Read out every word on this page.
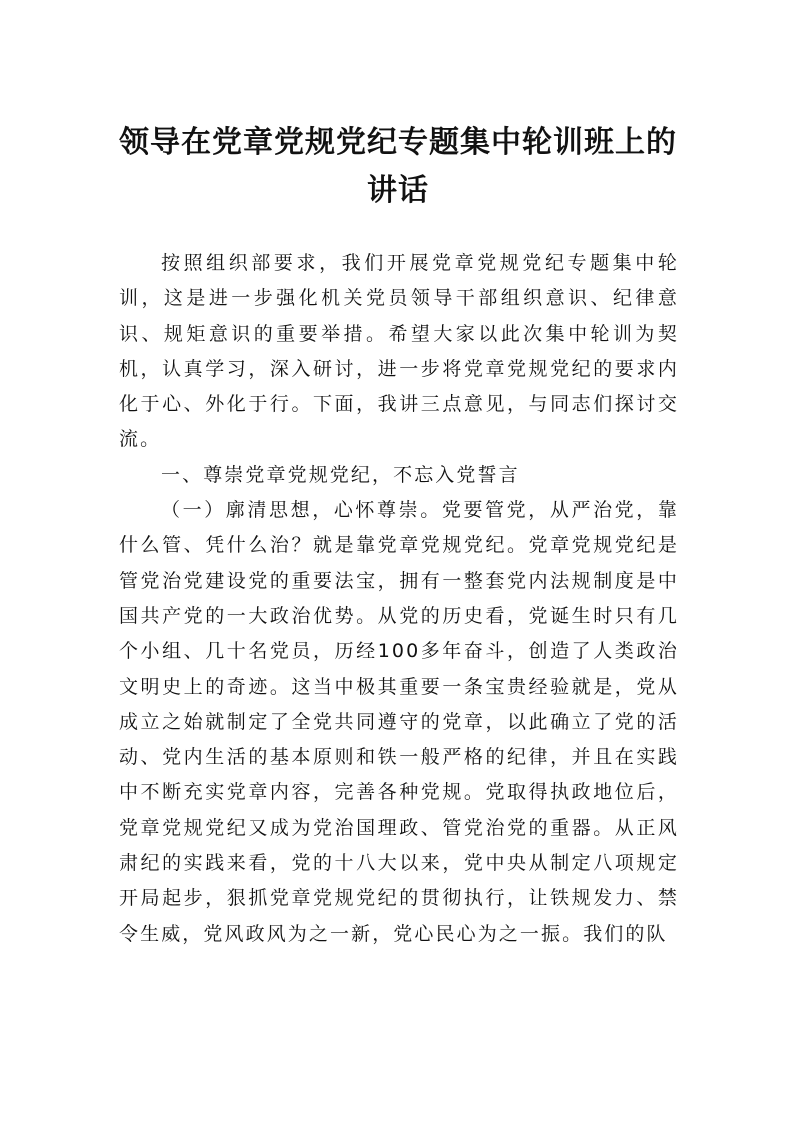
领导在党章党规党纪专题集中轮训班上的
讲话

按照组织部要求，我们开展党章党规党纪专题集中轮训，这是进一步强化机关党员领导干部组织意识、纪律意识、规矩意识的重要举措。希望大家以此次集中轮训为契机，认真学习，深入研讨，进一步将党章党规党纪的要求内化于心、外化于行。下面，我讲三点意见，与同志们探讨交流。

一、尊崇党章党规党纪，不忘入党誓言

（一）廓清思想，心怀尊崇。党要管党，从严治党，靠什么管、凭什么治？就是靠党章党规党纪。党章党规党纪是管党治党建设党的重要法宝，拥有一整套党内法规制度是中国共产党的一大政治优势。从党的历史看，党诞生时只有几个小组、几十名党员，历经100多年奋斗，创造了人类政治文明史上的奇迹。这当中极其重要一条宝贵经验就是，党从成立之始就制定了全党共同遵守的党章，以此确立了党的活动、党内生活的基本原则和铁一般严格的纪律，并且在实践中不断充实党章内容，完善各种党规。党取得执政地位后，党章党规党纪又成为党治国理政、管党治党的重器。从正风肃纪的实践来看，党的十八大以来，党中央从制定八项规定开局起步，狠抓党章党规党纪的贯彻执行，让铁规发力、禁令生威，党风政风为之一新，党心民心为之一振。我们的队
